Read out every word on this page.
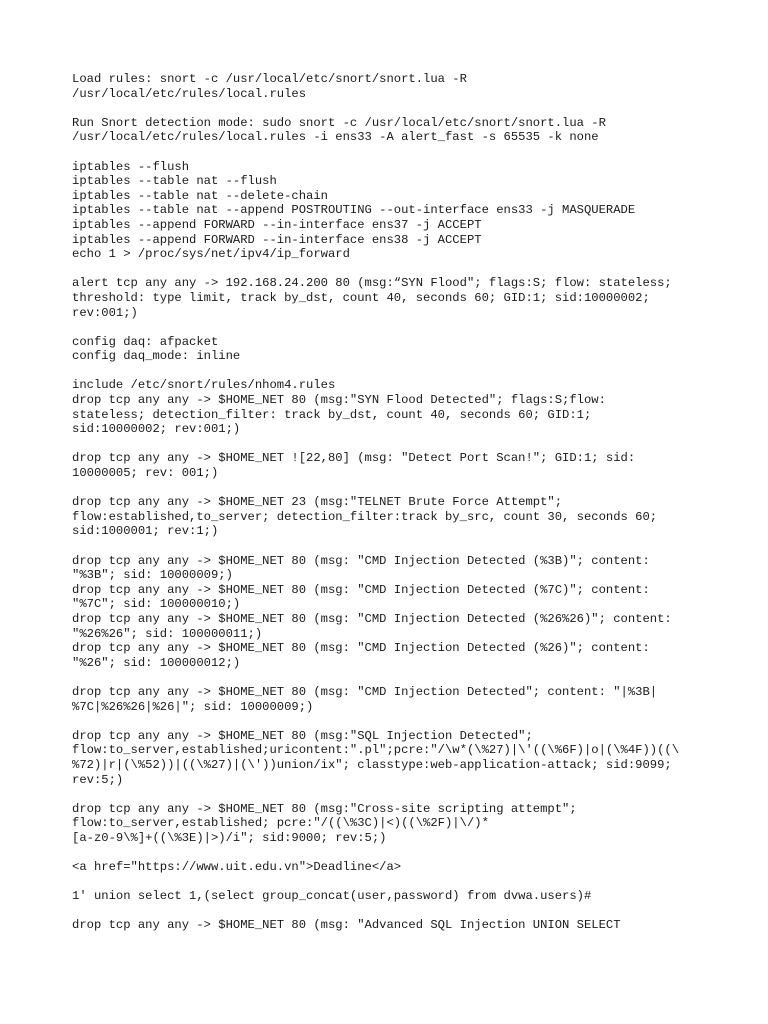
Load rules: snort -c /usr/local/etc/snort/snort.lua -R
/usr/local/etc/rules/local.rules

Run Snort detection mode: sudo snort -c /usr/local/etc/snort/snort.lua -R
/usr/local/etc/rules/local.rules -i ens33 -A alert_fast -s 65535 -k none

iptables --flush
iptables --table nat --flush
iptables --table nat --delete-chain
iptables --table nat --append POSTROUTING --out-interface ens33 -j MASQUERADE
iptables --append FORWARD --in-interface ens37 -j ACCEPT
iptables --append FORWARD --in-interface ens38 -j ACCEPT
echo 1 > /proc/sys/net/ipv4/ip_forward

alert tcp any any -> 192.168.24.200 80 (msg:“SYN Flood"; flags:S; flow: stateless;
threshold: type limit, track by_dst, count 40, seconds 60; GID:1; sid:10000002;
rev:001;)

config daq: afpacket
config daq_mode: inline

include /etc/snort/rules/nhom4.rules
drop tcp any any -> $HOME_NET 80 (msg:"SYN Flood Detected"; flags:S;flow:
stateless; detection_filter: track by_dst, count 40, seconds 60; GID:1;
sid:10000002; rev:001;)

drop tcp any any -> $HOME_NET ![22,80] (msg: "Detect Port Scan!"; GID:1; sid:
10000005; rev: 001;)

drop tcp any any -> $HOME_NET 23 (msg:"TELNET Brute Force Attempt";
flow:established,to_server; detection_filter:track by_src, count 30, seconds 60;
sid:1000001; rev:1;)

drop tcp any any -> $HOME_NET 80 (msg: "CMD Injection Detected (%3B)"; content:
"%3B"; sid: 10000009;)
drop tcp any any -> $HOME_NET 80 (msg: "CMD Injection Detected (%7C)"; content:
"%7C"; sid: 100000010;)
drop tcp any any -> $HOME_NET 80 (msg: "CMD Injection Detected (%26%26)"; content:
"%26%26"; sid: 100000011;)
drop tcp any any -> $HOME_NET 80 (msg: "CMD Injection Detected (%26)"; content:
"%26"; sid: 100000012;)

drop tcp any any -> $HOME_NET 80 (msg: "CMD Injection Detected"; content: "|%3B|
%7C|%26%26|%26|"; sid: 10000009;)

drop tcp any any -> $HOME_NET 80 (msg:"SQL Injection Detected";
flow:to_server,established;uricontent:".pl";pcre:"/\w*(\%27)|\'((\%6F)|o|(\%4F))((\
%72)|r|(\%52))|((\%27)|(\'))union/ix"; classtype:web-application-attack; sid:9099;
rev:5;)

drop tcp any any -> $HOME_NET 80 (msg:"Cross-site scripting attempt";
flow:to_server,established; pcre:"/((\%3C)|<)((\%2F)|\/)*
[a-z0-9\%]+((\%3E)|>)/i"; sid:9000; rev:5;)

<a href="https://www.uit.edu.vn">Deadline</a>

1' union select 1,(select group_concat(user,password) from dvwa.users)#

drop tcp any any -> $HOME_NET 80 (msg: "Advanced SQL Injection UNION SELECT
